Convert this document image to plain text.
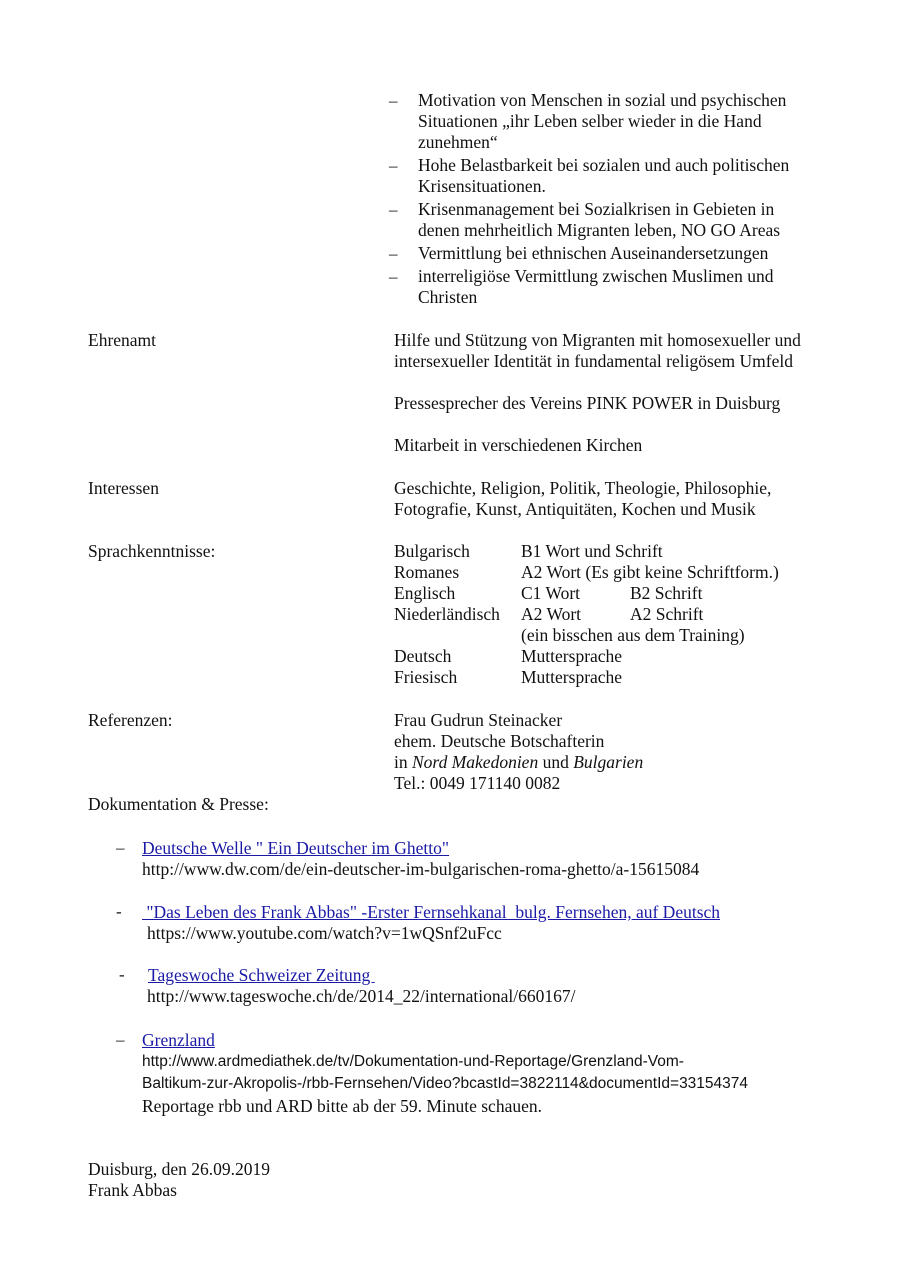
– Motivation von Menschen in sozial und psychischen
Situationen „ihr Leben selber wieder in die Hand
zunehmen“
– Hohe Belastbarkeit bei sozialen und auch politischen
Krisensituationen.
– Krisenmanagement bei Sozialkrisen in Gebieten in
denen mehrheitlich Migranten leben, NO GO Areas
– Vermittlung bei ethnischen Auseinandersetzungen
– interreligiöse Vermittlung zwischen Muslimen und
Christen
Ehrenamt	Hilfe und Stützung von Migranten mit homosexueller und
intersexueller Identität in fundamental religösem Umfeld
Pressesprecher des Vereins PINK POWER in Duisburg
Mitarbeit in verschiedenen Kirchen
Interessen	Geschichte, Religion, Politik, Theologie, Philosophie,
Fotografie, Kunst, Antiquitäten, Kochen und Musik
Sprachkenntnisse:	Bulgarisch	B1 Wort und Schrift
Romanes	A2 Wort (Es gibt keine Schriftform.)
Englisch	C1 Wort	B2 Schrift
Niederländisch A2 Wort	A2 Schrift
(ein bisschen aus dem Training)
Deutsch	Muttersprache
Friesisch	Muttersprache
Referenzen:	Frau Gudrun Steinacker
ehem. Deutsche Botschafterin
in Nord Makedonien und Bulgarien
Tel.: 0049 171140 0082
Dokumentation & Presse:
– Deutsche Welle " Ein Deutscher im Ghetto"
http://www.dw.com/de/ein-deutscher-im-bulgarischen-roma-ghetto/a-15615084
- "Das Leben des Frank Abbas" -Erster Fernsehkanal  bulg. Fernsehen, auf Deutsch
https://www.youtube.com/watch?v=1wQSnf2uFcc
- Tageswoche Schweizer Zeitung
http://www.tageswoche.ch/de/2014_22/international/660167/
– Grenzland
http://www.ardmediathek.de/tv/Dokumentation-und-Reportage/Grenzland-Vom-
Baltikum-zur-Akropolis-/rbb-Fernsehen/Video?bcastId=3822114&documentId=33154374
Reportage rbb und ARD bitte ab der 59. Minute schauen.
Duisburg, den 26.09.2019
Frank Abbas
